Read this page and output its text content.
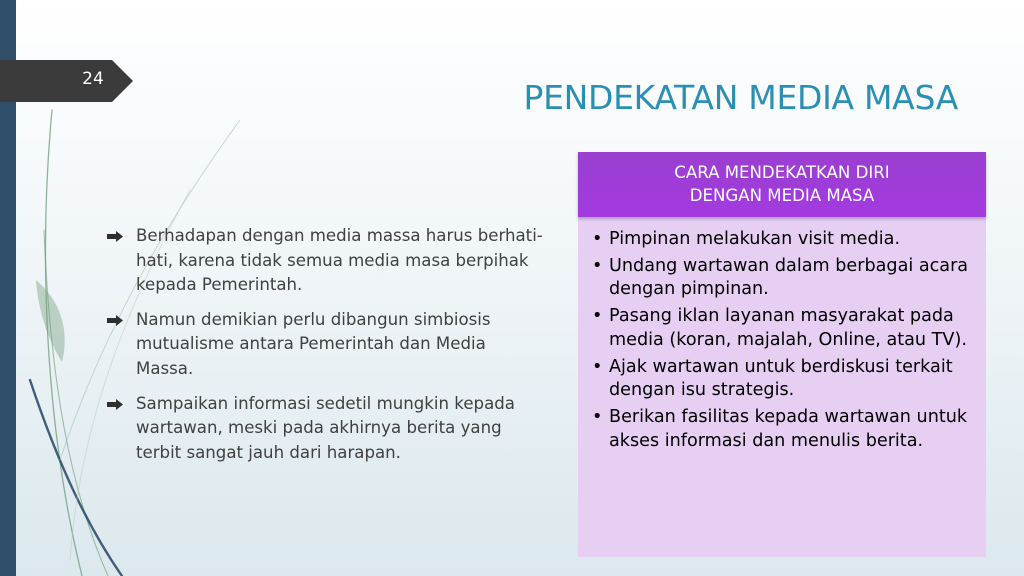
24	PENDEKATAN MEDIA MASA
Berhadapan dengan media massa harus berhati-hati, karena tidak semua media masa berpihak kepada Pemerintah.
Namun demikian perlu dibangun simbiosis mutualisme antara Pemerintah dan Media Massa.
Sampaikan informasi sedetil mungkin kepada wartawan, meski pada akhirnya berita yang terbit sangat jauh dari harapan.
CARA MENDEKATKAN DIRI
DENGAN MEDIA MASA
• Pimpinan melakukan visit media.
• Undang wartawan dalam berbagai acara dengan pimpinan.
• Pasang iklan layanan masyarakat pada media (koran, majalah, Online, atau TV).
• Ajak wartawan untuk berdiskusi terkait dengan isu strategis.
• Berikan fasilitas kepada wartawan untuk akses informasi dan menulis berita.
